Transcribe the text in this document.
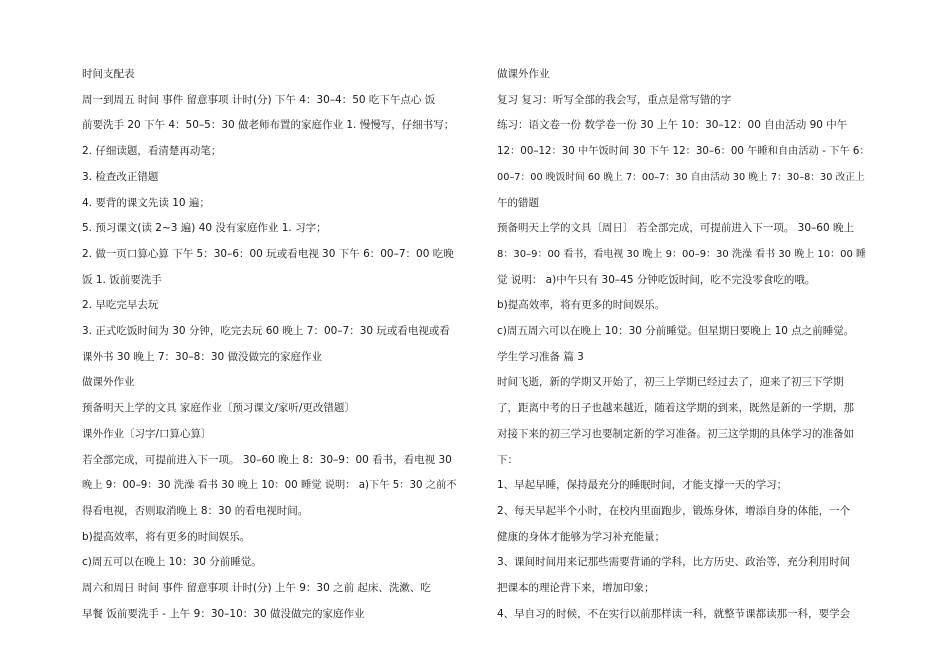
时间支配表

周一到周五 时间 事件 留意事项 计时(分) 下午 4：30–4：50 吃下午点心 饭

前要洗手 20 下午 4：50–5：30 做老师布置的家庭作业 1. 慢慢写，仔细书写；

2. 仔细读题，看清楚再动笔；

3. 检查改正错题

4. 要背的课文先读 10 遍；

5. 预习课文(读 2~3 遍) 40 没有家庭作业 1. 习字；

2. 做一页口算心算 下午 5：30–6：00 玩或看电视 30 下午 6：00–7：00 吃晚

饭 1. 饭前要洗手

2. 早吃完早去玩

3. 正式吃饭时间为 30 分钟，吃完去玩 60 晚上 7：00–7：30 玩或看电视或看

课外书 30 晚上 7：30–8：30 做没做完的家庭作业

做课外作业

预备明天上学的文具 家庭作业〔预习课文/家听/更改错题〕

课外作业〔习字/口算心算〕

若全部完成，可提前进入下一项。 30–60 晚上 8：30–9：00 看书，看电视 30

晚上 9：00–9：30 洗澡 看书 30 晚上 10：00 睡觉 说明： a)下午 5：30 之前不

得看电视，否则取消晚上 8：30 的看电视时间。

b)提高效率，将有更多的时间娱乐。

c)周五可以在晚上 10：30 分前睡觉。

周六和周日 时间 事件 留意事项 计时(分) 上午 9：30 之前 起床、洗漱、吃

早餐 饭前要洗手 - 上午 9：30–10：30 做没做完的家庭作业

做课外作业

复习 复习：听写全部的我会写，重点是常写错的字

练习：语文卷一份 数学卷一份 30 上午 10：30–12：00 自由活动 90 中午

12：00–12：30 中午饭时间 30 下午 12：30–6：00 午睡和自由活动 - 下午 6：

00–7：00 晚饭时间 60 晚上 7：00–7：30 自由活动 30 晚上 7：30–8：30 改正上

午的错题

预备明天上学的文具〔周日〕 若全部完成，可提前进入下一项。 30–60 晚上

8：30–9：00 看书，看电视 30 晚上 9：00–9：30 洗澡 看书 30 晚上 10：00 睡

觉 说明： a)中午只有 30–45 分钟吃饭时间，吃不完没零食吃的哦。

b)提高效率，将有更多的时间娱乐。

c)周五周六可以在晚上 10：30 分前睡觉。但星期日要晚上 10 点之前睡觉。

学生学习准备 篇 3

时间飞逝，新的学期又开始了，初三上学期已经过去了，迎来了初三下学期

了，距离中考的日子也越来越近，随着这学期的到来，既然是新的一学期，那

对接下来的初三学习也要制定新的学习准备。初三这学期的具体学习的准备如

下：

1、早起早睡，保持最充分的睡眠时间，才能支撑一天的学习；

2、每天早起半个小时，在校内里面跑步，锻炼身体，增添自身的体能，一个

健康的身体才能够为学习补充能量；

3、课间时间用来记那些需要背诵的学科，比方历史、政治等，充分利用时间

把课本的理论背下来，增加印象；

4、早自习的时候，不在实行以前那样读一科，就整节课都读那一科，要学会
